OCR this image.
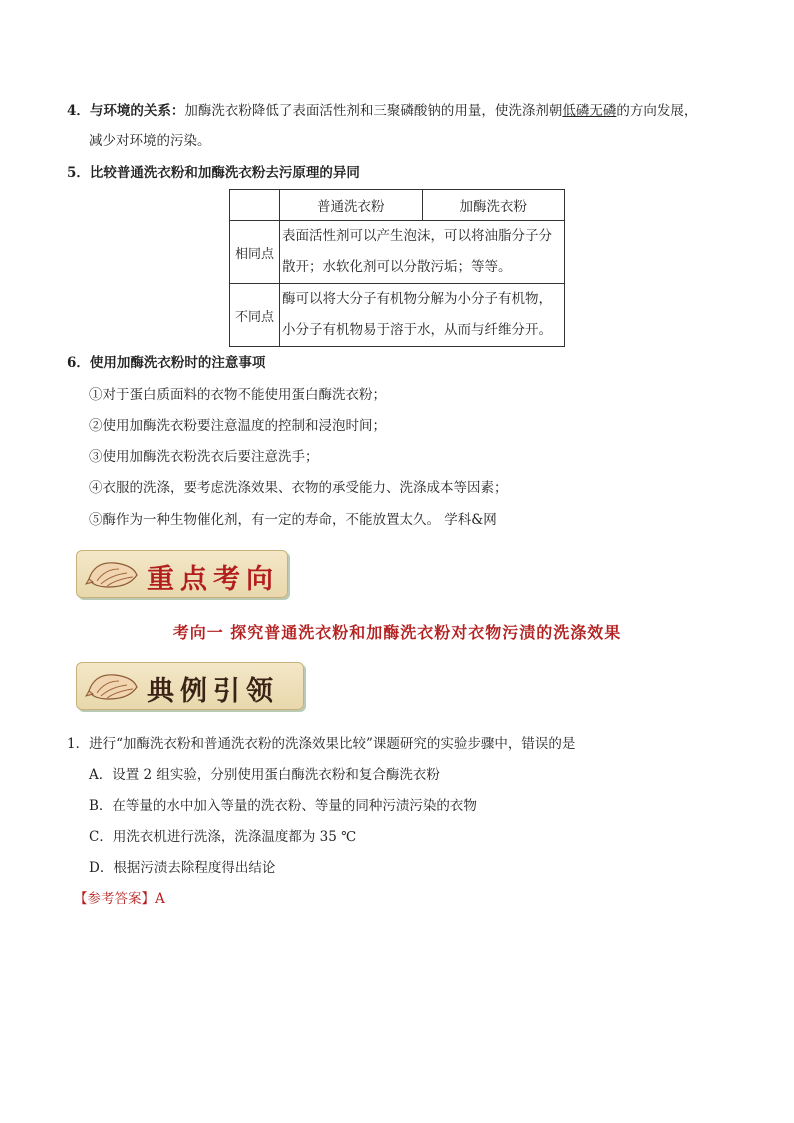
4．与环境的关系：加酶洗衣粉降低了表面活性剂和三聚磷酸钠的用量，使洗涤剂朝低磷无磷的方向发展，
减少对环境的污染。
5．比较普通洗衣粉和加酶洗衣粉去污原理的异同
	普通洗衣粉	加酶洗衣粉
相同点	表面活性剂可以产生泡沫，可以将油脂分子分散开；水软化剂可以分散污垢；等等。	
不同点	酶可以将大分子有机物分解为小分子有机物，小分子有机物易于溶于水，从而与纤维分开。	
6．使用加酶洗衣粉时的注意事项
①对于蛋白质面料的衣物不能使用蛋白酶洗衣粉；
②使用加酶洗衣粉要注意温度的控制和浸泡时间；
③使用加酶洗衣粉洗衣后要注意洗手；
④衣服的洗涤，要考虑洗涤效果、衣物的承受能力、洗涤成本等因素；
⑤酶作为一种生物催化剂，有一定的寿命，不能放置太久。 学科&网
重点考向
考向一 探究普通洗衣粉和加酶洗衣粉对衣物污渍的洗涤效果
典例引领
1．进行“加酶洗衣粉和普通洗衣粉的洗涤效果比较”课题研究的实验步骤中，错误的是
A．设置 2 组实验，分别使用蛋白酶洗衣粉和复合酶洗衣粉
B．在等量的水中加入等量的洗衣粉、等量的同种污渍污染的衣物
C．用洗衣机进行洗涤，洗涤温度都为 35 ℃
D．根据污渍去除程度得出结论
【参考答案】A
